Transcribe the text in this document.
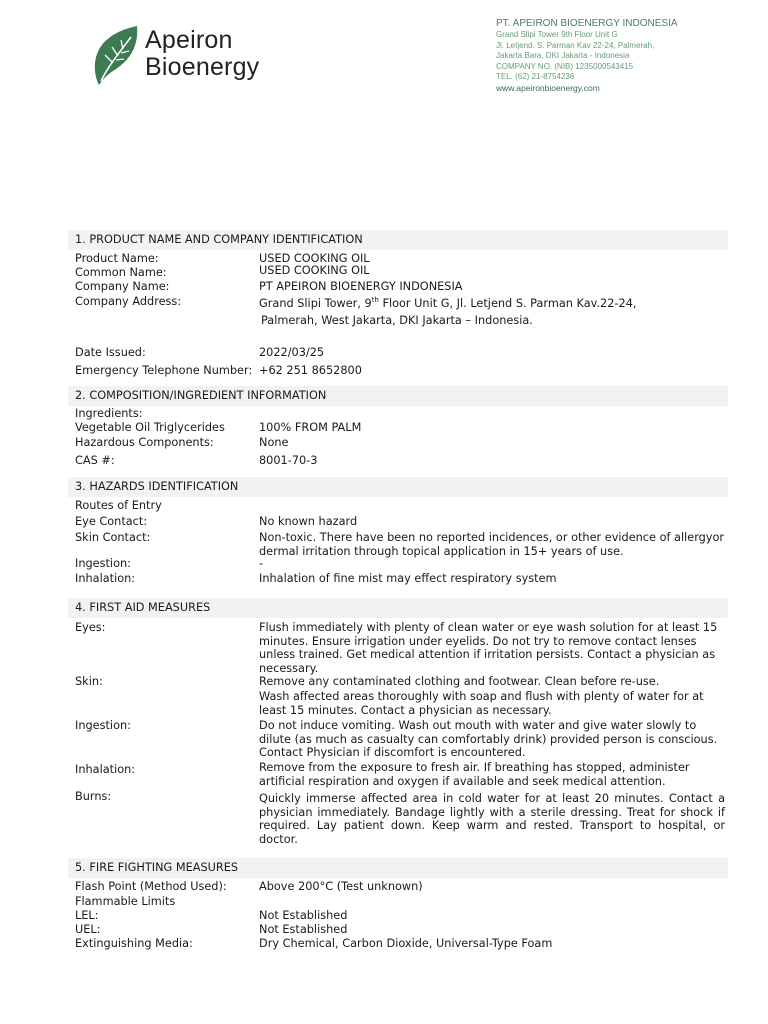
Apeiron
Bioenergy
PT. APEIRON BIOENERGY INDONESIA
Grand Slipi Tower 9th Floor Unit G
Jl. Letjend. S. Parman Kav 22-24, Palmerah,
Jakarta Bara, DKI Jakarta - Indonesia
COMPANY NO. (NIB) 1235000543415
TEL. (62) 21-8754236
www.apeironbioenergy.com
1. PRODUCT NAME AND COMPANY IDENTIFICATION
Product Name:	USED COOKING OIL
Common Name:	USED COOKING OIL
Company Name:	PT APEIRON BIOENERGY INDONESIA
Company Address:	Grand Slipi Tower, 9th Floor Unit G, Jl. Letjend S. Parman Kav.22-24,
Palmerah, West Jakarta, DKI Jakarta – Indonesia.
Date Issued:	2022/03/25
Emergency Telephone Number: +62 251 8652800
2. COMPOSITION/INGREDIENT INFORMATION
Ingredients:
Vegetable Oil Triglycerides	100% FROM PALM
Hazardous Components:	None
CAS #:	8001-70-3
3. HAZARDS IDENTIFICATION
Routes of Entry
Eye Contact:	No known hazard
Skin Contact:	Non-toxic. There have been no reported incidences, or other evidence of allergyor dermal irritation through topical application in 15+ years of use.
Ingestion:	-
Inhalation:	Inhalation of fine mist may effect respiratory system
4. FIRST AID MEASURES
Eyes:	Flush immediately with plenty of clean water or eye wash solution for at least 15 minutes. Ensure irrigation under eyelids. Do not try to remove contact lenses unless trained. Get medical attention if irritation persists. Contact a physician as necessary.
Skin:	Remove any contaminated clothing and footwear. Clean before re-use.
Wash affected areas thoroughly with soap and flush with plenty of water for at least 15 minutes. Contact a physician as necessary.
Ingestion:	Do not induce vomiting. Wash out mouth with water and give water slowly to dilute (as much as casualty can comfortably drink) provided person is conscious. Contact Physician if discomfort is encountered.
Inhalation:	Remove from the exposure to fresh air. If breathing has stopped, administer artificial respiration and oxygen if available and seek medical attention.
Burns:	Quickly immerse affected area in cold water for at least 20 minutes. Contact a physician immediately. Bandage lightly with a sterile dressing. Treat for shock if required. Lay patient down. Keep warm and rested. Transport to hospital, or doctor.
5. FIRE FIGHTING MEASURES
Flash Point (Method Used):	Above 200°C (Test unknown)
Flammable Limits
LEL:	Not Established
UEL:	Not Established
Extinguishing Media:	Dry Chemical, Carbon Dioxide, Universal-Type Foam
